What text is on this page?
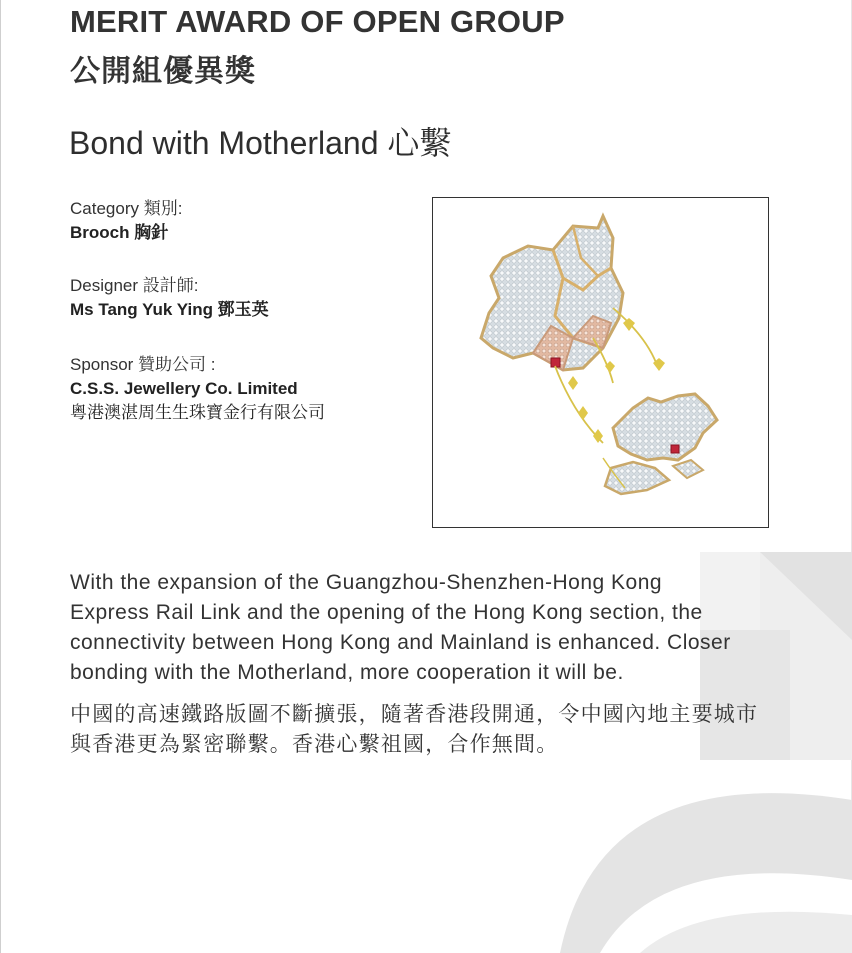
MERIT AWARD OF OPEN GROUP
公開組優異獎
Bond with Motherland 心繫
Category 類別:
Brooch 胸針
Designer 設計師:
Ms Tang Yuk Ying 鄧玉英
Sponsor 贊助公司 :
C.S.S. Jewellery Co. Limited
粵港澳湛周生生珠寶金行有限公司
With the expansion of the Guangzhou-Shenzhen-Hong Kong
Express Rail Link and the opening of the Hong Kong section, the
connectivity between Hong Kong and Mainland is enhanced. Closer
bonding with the Motherland, more cooperation it will be.
中國的高速鐵路版圖不斷擴張，隨著香港段開通，令中國內地主要城市
與香港更為緊密聯繫。香港心繫祖國，合作無間。
